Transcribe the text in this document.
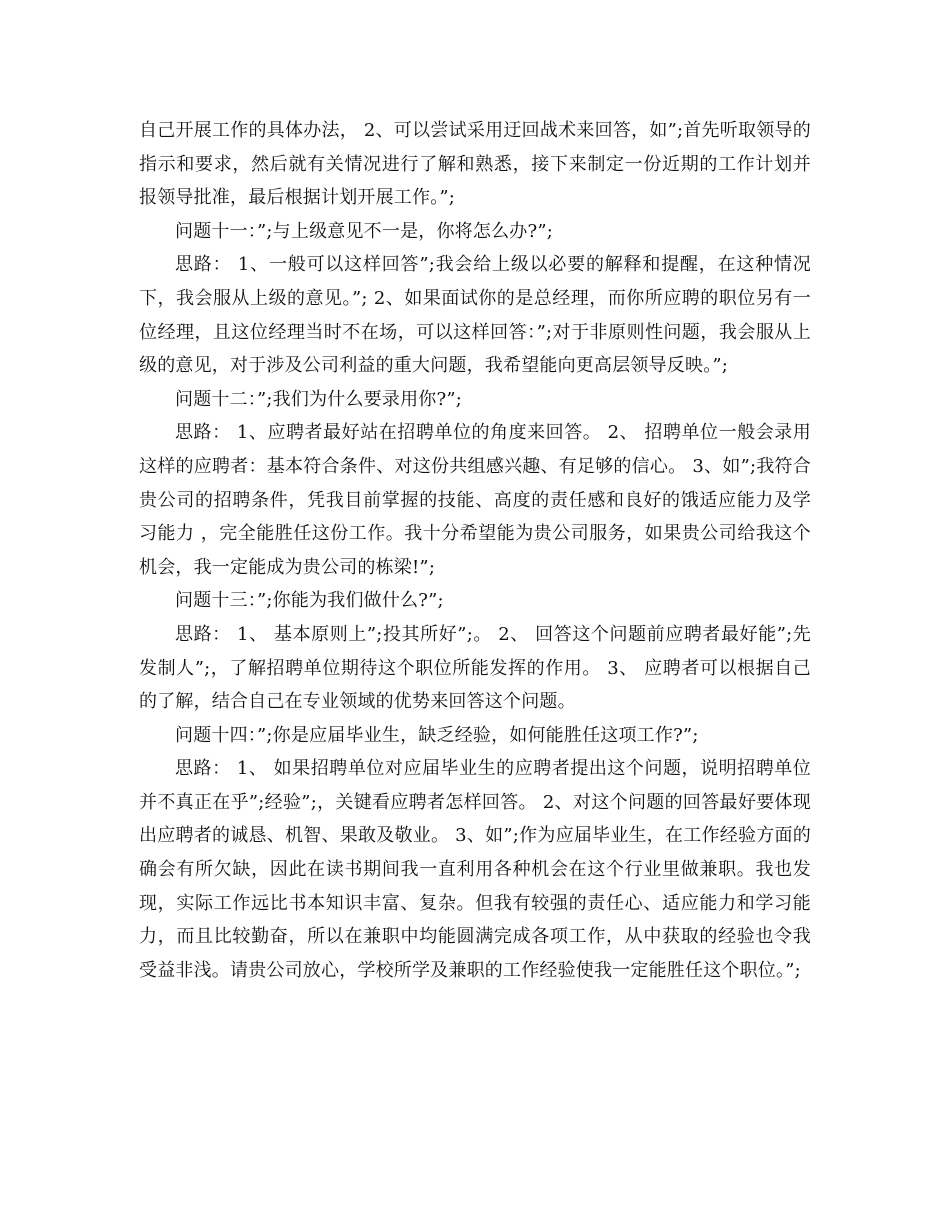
自己开展工作的具体办法， 2、可以尝试采用迂回战术来回答，如”;首先听取领导的指示和要求，然后就有关情况进行了解和熟悉，接下来制定一份近期的工作计划并报领导批准，最后根据计划开展工作。”;

问题十一：”;与上级意见不一是，你将怎么办?”;

思路： 1、一般可以这样回答”;我会给上级以必要的解释和提醒，在这种情况下，我会服从上级的意见。”; 2、如果面试你的是总经理，而你所应聘的职位另有一位经理，且这位经理当时不在场，可以这样回答：”;对于非原则性问题，我会服从上级的意见，对于涉及公司利益的重大问题，我希望能向更高层领导反映。”;

问题十二：”;我们为什么要录用你?”;

思路： 1、应聘者最好站在招聘单位的角度来回答。 2、 招聘单位一般会录用这样的应聘者：基本符合条件、对这份共组感兴趣、有足够的信心。 3、如”;我符合贵公司的招聘条件，凭我目前掌握的技能、高度的责任感和良好的饿适应能力及学习能力 ，完全能胜任这份工作。我十分希望能为贵公司服务，如果贵公司给我这个机会，我一定能成为贵公司的栋梁!”;

问题十三：”;你能为我们做什么?”;

思路： 1、 基本原则上”;投其所好”;。 2、 回答这个问题前应聘者最好能”;先发制人”;，了解招聘单位期待这个职位所能发挥的作用。 3、 应聘者可以根据自己的了解，结合自己在专业领域的优势来回答这个问题。

问题十四：”;你是应届毕业生，缺乏经验，如何能胜任这项工作?”;

思路： 1、 如果招聘单位对应届毕业生的应聘者提出这个问题，说明招聘单位并不真正在乎”;经验”;，关键看应聘者怎样回答。 2、对这个问题的回答最好要体现出应聘者的诚恳、机智、果敢及敬业。 3、如”;作为应届毕业生，在工作经验方面的确会有所欠缺，因此在读书期间我一直利用各种机会在这个行业里做兼职。我也发现，实际工作远比书本知识丰富、复杂。但我有较强的责任心、适应能力和学习能力，而且比较勤奋，所以在兼职中均能圆满完成各项工作，从中获取的经验也令我受益非浅。请贵公司放心，学校所学及兼职的工作经验使我一定能胜任这个职位。”;
